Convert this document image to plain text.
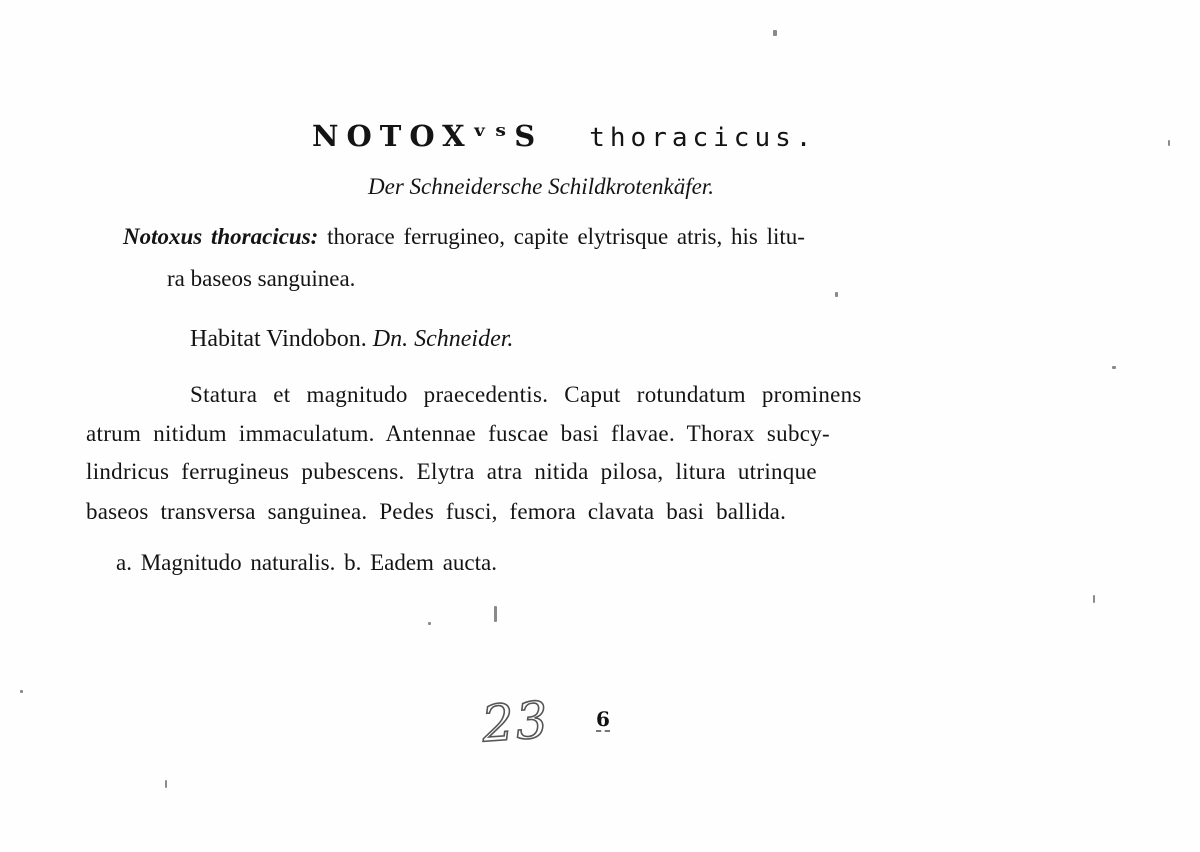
NOTOXᵛˢS thoracicus.
Der Schneidersche Schildkrotenkäfer.
Notoxus thoracicus: thorace ferrugineo, capite elytrisque atris, his litu-
ra baseos sanguinea.
Habitat Vindobon. Dn. Schneider.
Statura et magnitudo praecedentis. Caput rotundatum prominens
atrum nitidum immaculatum. Antennae fuscae basi flavae. Thorax subcy-
lindricus ferrugineus pubescens. Elytra atra nitida pilosa, litura utrinque
baseos transversa sanguinea. Pedes fusci, femora clavata basi ballida.
a. Magnitudo naturalis. b. Eadem aucta.
23 6
